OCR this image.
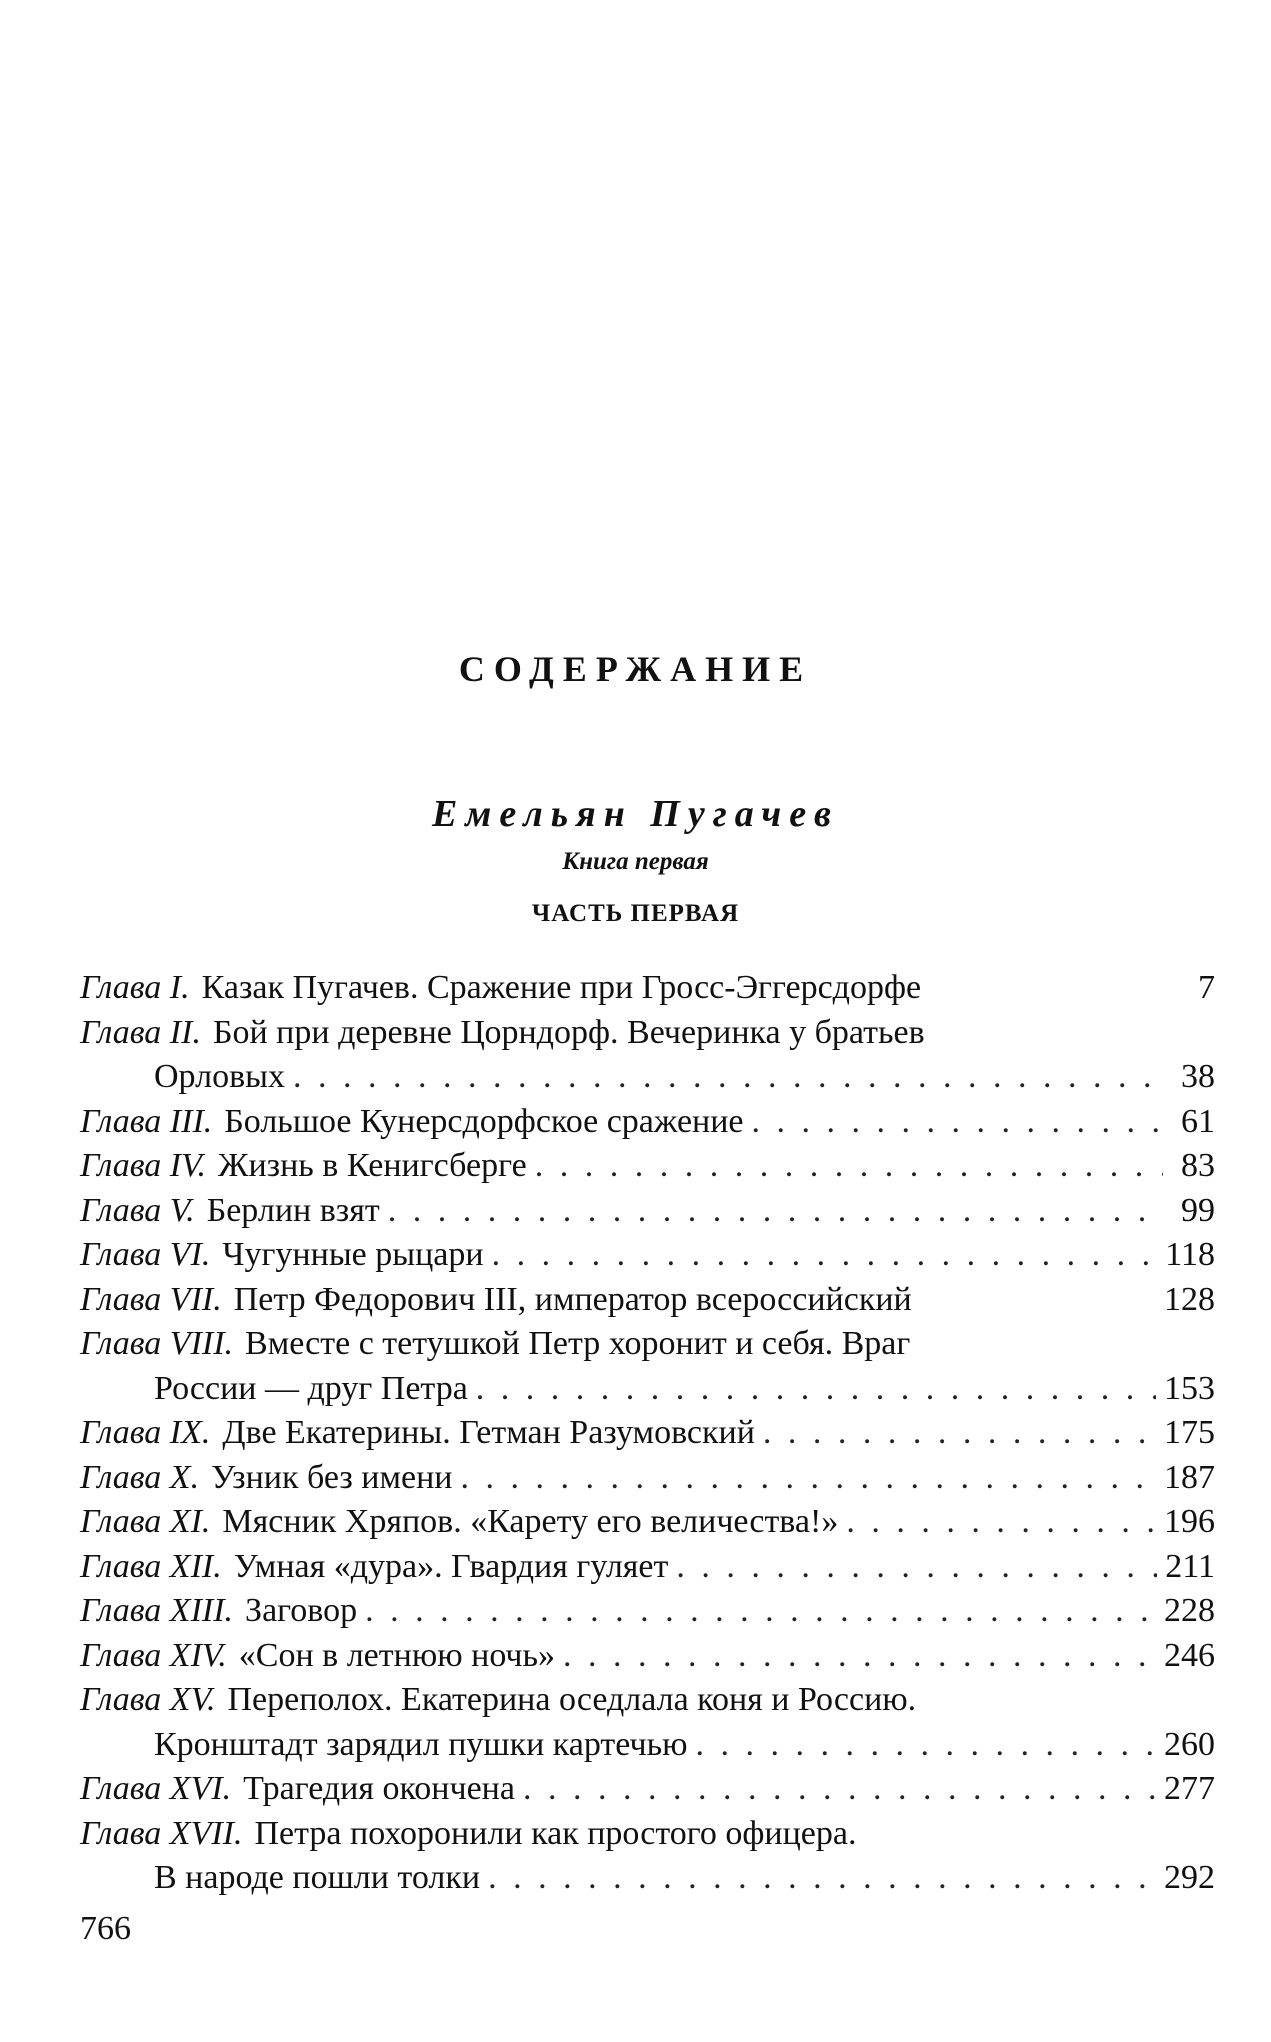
СОДЕРЖАНИЕ
Емельян Пугачев
Книга первая
ЧАСТЬ ПЕРВАЯ
Глава I. Казак Пугачев. Сражение при Гросс-Эггерсдорфе	7
Глава II. Бой при деревне Цорндорф. Вечеринка у братьев
Орловых . . .	38
Глава III. Большое Кунерсдорфское сражение . . .	61
Глава IV. Жизнь в Кенигсберге . . .	83
Глава V. Берлин взят . . .	99
Глава VI. Чугунные рыцари . . .	118
Глава VII. Петр Федорович III, император всероссийский	128
Глава VIII. Вместе с тетушкой Петр хоронит и себя. Враг
России — друг Петра . . .	153
Глава IX. Две Екатерины. Гетман Разумовский . . .	175
Глава X. Узник без имени . . .	187
Глава XI. Мясник Хряпов. «Карету его величества!» . . .	196
Глава XII. Умная «дура». Гвардия гуляет . . .	211
Глава XIII. Заговор . . .	228
Глава XIV. «Сон в летнюю ночь» . . .	246
Глава XV. Переполох. Екатерина оседлала коня и Россию.
Кронштадт зарядил пушки картечью . . .	260
Глава XVI. Трагедия окончена . . .	277
Глава XVII. Петра похоронили как простого офицера.
В народе пошли толки . . .	292
766
